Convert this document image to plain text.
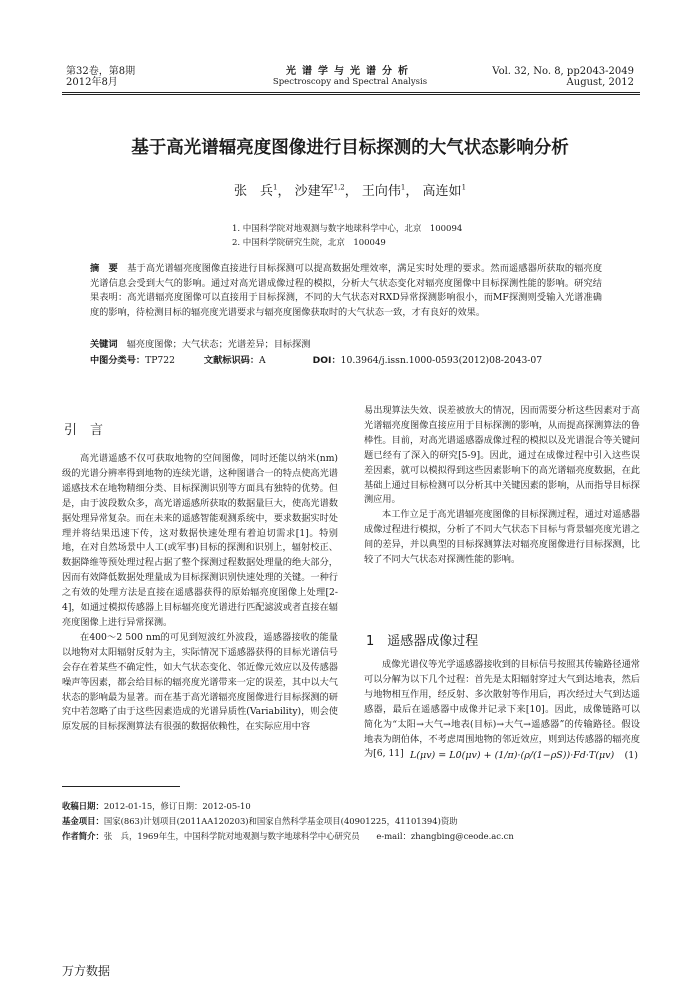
第32卷，第8期
2012年8月
光谱学与光谱分析
Spectroscopy and Spectral Analysis
Vol. 32, No. 8, pp2043-2049
August, 2012
基于高光谱辐亮度图像进行目标探测的大气状态影响分析
张　兵$^1$， 沙建军$^{1,2}$， 王向伟$^1$， 高连如$^1$
1. 中国科学院对地观测与数字地球科学中心，北京　100094
2. 中国科学院研究生院，北京　100049
摘　要　 基于高光谱辐亮度图像直接进行目标探测可以提高数据处理效率，满足实时处理的要求。然而遥感器所获取的辐亮度光谱信息会受到大气的影响。通过对高光谱成像过程的模拟，分析大气状态变化对辐亮度图像中目标探测性能的影响。研究结果表明：高光谱辐亮度图像可以直接用于目标探测，不同的大气状态对RXD异常探测影响很小，而MF探测则受输入光谱准确度的影响，待检测目标的辐亮度光谱要求与辐亮度图像获取时的大气状态一致，才有良好的效果。
关键词　 辐亮度图像；大气状态；光谱差异；目标探测
中图分类号：TP722	文献标识码：A	DOI：10.3964/j.issn.1000-0593(2012)08-2043-07
引　言

高光谱遥感不仅可获取地物的空间图像，同时还能以纳米(nm)级的光谱分辨率得到地物的连续光谱，这种图谱合一的特点使高光谱遥感技术在地物精细分类、目标探测识别等方面具有独特的优势。但是，由于波段数众多，高光谱遥感所获取的数据量巨大，使高光谱数据处理异常复杂。而在未来的遥感智能观测系统中，要求数据实时处理并将结果迅速下传，这对数据快速处理有着迫切需求[1]。特别地，在对自然场景中人工(或军事)目标的探测和识别上，辐射校正、数据降维等预处理过程占据了整个探测过程数据处理量的绝大部分，因而有效降低数据处理量成为目标探测识别快速处理的关键。一种行之有效的处理方法是直接在遥感器获得的原始辐亮度图像上处理[2-4]，如通过模拟传感器上目标辐亮度光谱进行匹配滤波或者直接在辐亮度图像上进行异常探测。

在400～2 500 nm的可见到短波红外波段，遥感器接收的能量以地物对太阳辐射反射为主，实际情况下遥感器获得的目标光谱信号会存在着某些不确定性，如大气状态变化、邻近像元效应以及传感器噪声等因素，都会给目标的辐亮度光谱带来一定的误差，其中以大气状态的影响最为显著。而在基于高光谱辐亮度图像进行目标探测的研究中若忽略了由于这些因素造成的光谱异质性(Variability)，则会使原发展的目标探测算法有很强的数据依赖性，在实际应用中容

易出现算法失效、误差被放大的情况，因而需要分析这些因素对于高光谱辐亮度图像直接应用于目标探测的影响，从而提高探测算法的鲁棒性。目前，对高光谱遥感器成像过程的模拟以及光谱混合等关键问题已经有了深入的研究[5-9]。因此，通过在成像过程中引入这些误差因素，就可以模拟得到这些因素影响下的高光谱辐亮度数据，在此基础上通过目标检测可以分析其中关键因素的影响，从而指导目标探测应用。

本工作立足于高光谱辐亮度图像的目标探测过程，通过对遥感器成像过程进行模拟，分析了不同大气状态下目标与背景辐亮度光谱之间的差异，并以典型的目标探测算法对辐亮度图像进行目标探测，比较了不同大气状态对探测性能的影响。

1　遥感器成像过程

成像光谱仪等光学遥感器接收到的目标信号按照其传输路径通常可以分解为以下几个过程：首先是太阳辐射穿过大气到达地表，然后与地物相互作用，经反射、多次散射等作用后，再次经过大气到达遥感器，最后在遥感器中成像并记录下来[10]。因此，成像链路可以简化为“太阳→大气→地表(目标)→大气→遥感器”的传输路径。假设地表为朗伯体，不考虑周围地物的邻近效应，则到达传感器的辐亮度为[6, 11] L(μv) = L0(μv) + (1/π)·(ρ/(1−ρS))·Fd·T(μv) (1)
收稿日期：2012-01-15，修订日期：2012-05-10
基金项目：国家(863)计划项目(2011AA120203)和国家自然科学基金项目(40901225，41101394)资助
作者简介：张　兵，1969年生，中国科学院对地观测与数字地球科学中心研究员　　e-mail：zhangbing@ceode.ac.cn
万方数据
